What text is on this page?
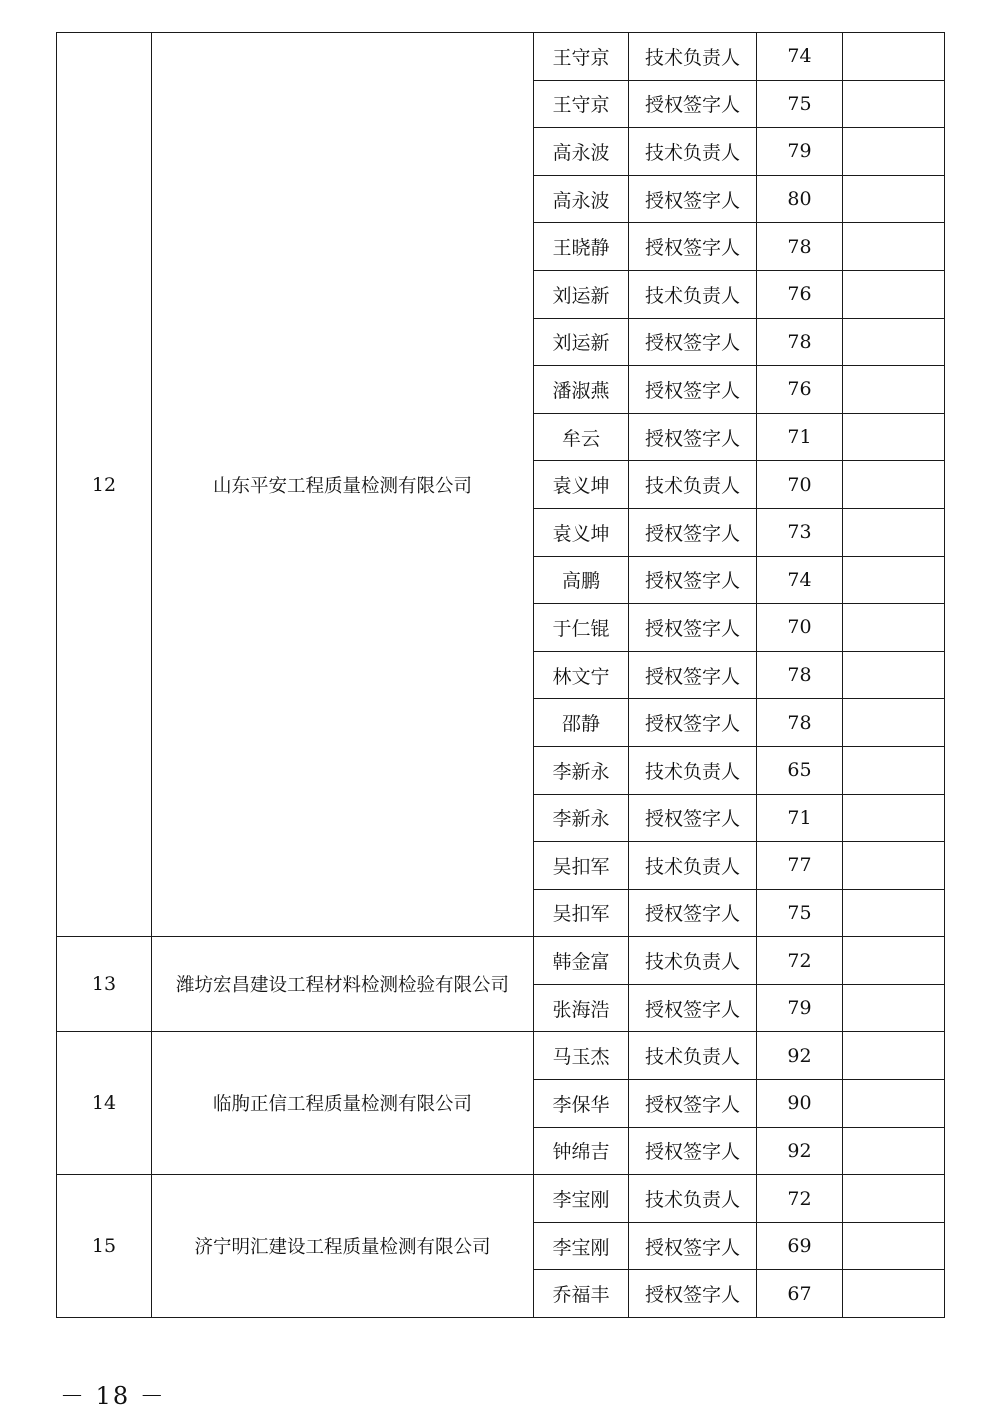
12	山东平安工程质量检测有限公司	王守京	技术负责人	74	
		王守京	授权签字人	75	
		高永波	技术负责人	79	
		高永波	授权签字人	80	
		王晓静	授权签字人	78	
		刘运新	技术负责人	76	
		刘运新	授权签字人	78	
		潘淑燕	授权签字人	76	
		牟云	授权签字人	71	
		袁义坤	技术负责人	70	
		袁义坤	授权签字人	73	
		高鹏	授权签字人	74	
		于仁锟	授权签字人	70	
		林文宁	授权签字人	78	
		邵静	授权签字人	78	
		李新永	技术负责人	65	
		李新永	授权签字人	71	
		吴扣军	技术负责人	77	
		吴扣军	授权签字人	75	
13	潍坊宏昌建设工程材料检测检验有限公司	韩金富	技术负责人	72	
		张海浩	授权签字人	79	
14	临朐正信工程质量检测有限公司	马玉杰	技术负责人	92	
		李保华	授权签字人	90	
		钟绵吉	授权签字人	92	
15	济宁明汇建设工程质量检测有限公司	李宝刚	技术负责人	72	
		李宝刚	授权签字人	69	
		乔福丰	授权签字人	67	
－ 18 －
